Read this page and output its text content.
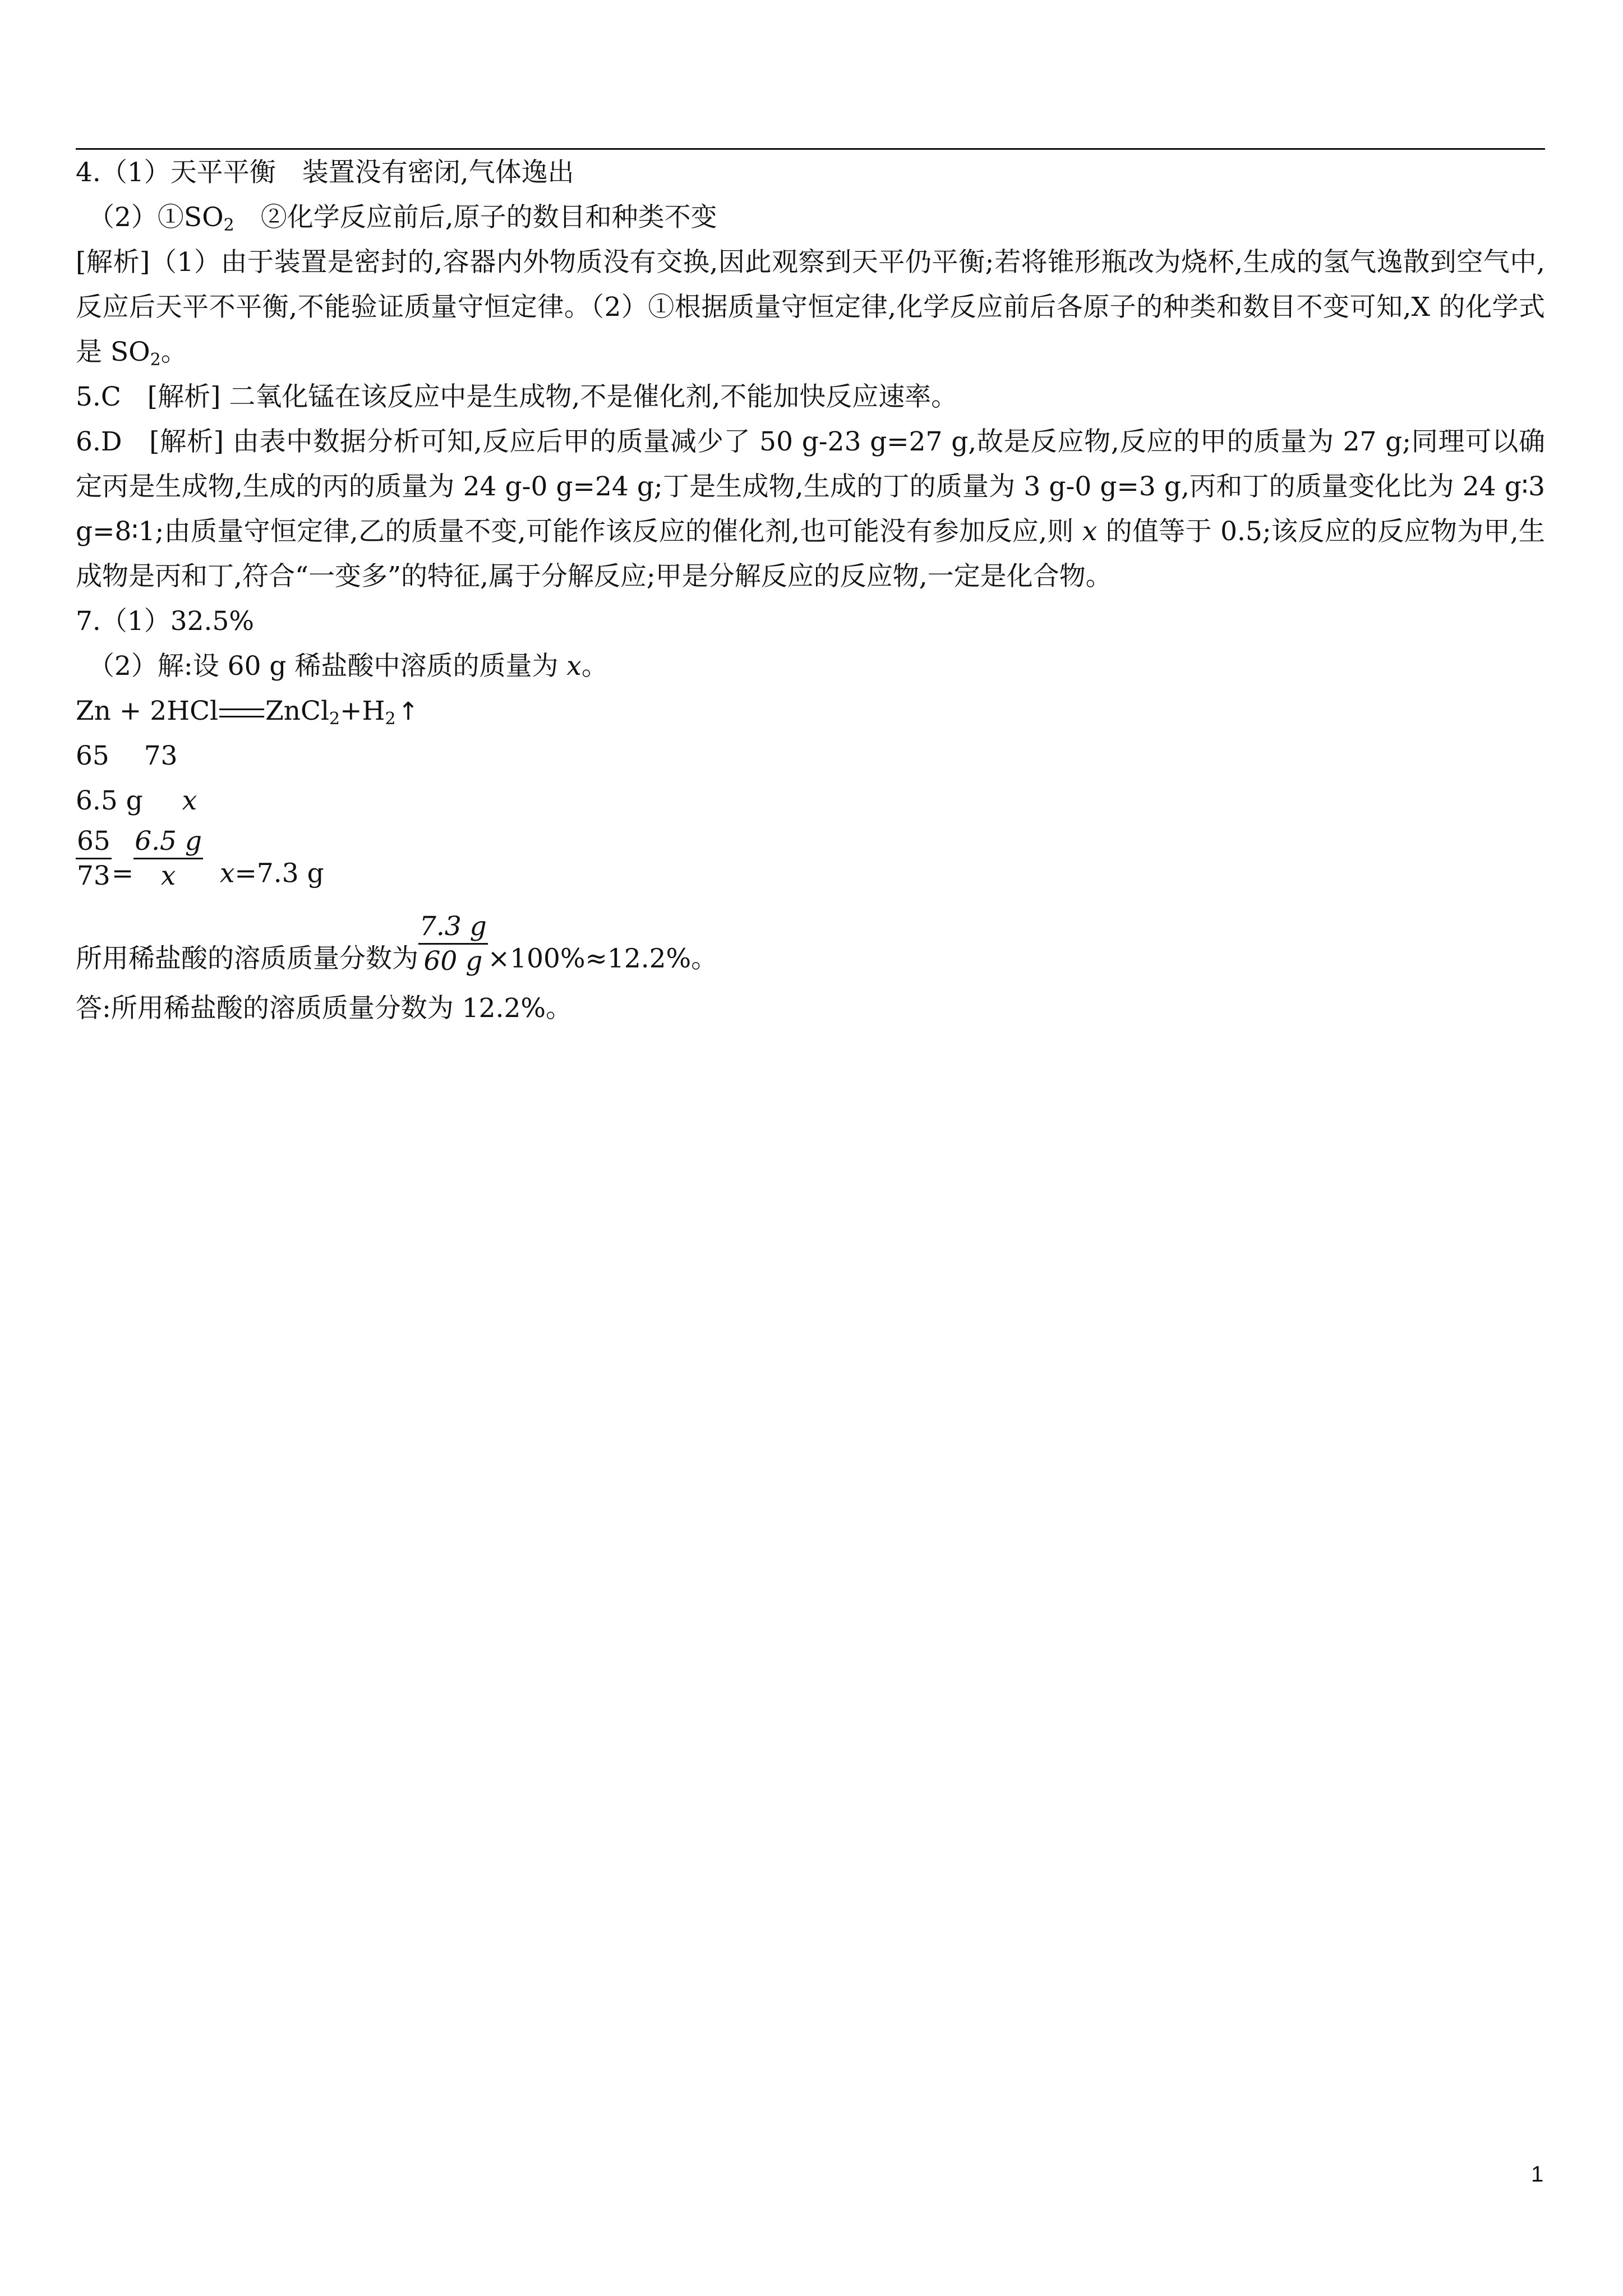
4.（1）天平平衡　装置没有密闭,气体逸出
$(2)①SO_2$　②化学反应前后,原子的数目和种类不变
[解析]（1）由于装置是密封的,容器内外物质没有交换,因此观察到天平仍平衡;若将锥形瓶改为烧杯,生成的氢气逸散到空气中,反应后天平不平衡,不能验证质量守恒定律。（2）①根据质量守恒定律,化学反应前后各原子的种类和数目不变可知,X 的化学式是 $SO_2$。
5.C　[解析] 二氧化锰在该反应中是生成物,不是催化剂,不能加快反应速率。
6.D　[解析] 由表中数据分析可知,反应后甲的质量减少了 50 g-23 g=27 g,故是反应物,反应的甲的质量为 27 g;同理可以确定丙是生成物,生成的丙的质量为 24 g-0 g=24 g;丁是生成物,生成的丁的质量为 3 g-0 g=3 g,丙和丁的质量变化比为 24 g∶3 g=8∶1;由质量守恒定律,乙的质量不变,可能作该反应的催化剂,也可能没有参加反应,则 x 的值等于 0.5;该反应的反应物为甲,生成物是丙和丁,符合“一变多”的特征,属于分解反应;甲是分解反应的反应物,一定是化合物。
7.（1）32.5%
（2）解:设 60 g 稀盐酸中溶质的质量为 x。
Zn + 2HCl $ZnCl_2+H_2↑$
65　 73
6.5 g x
$\frac{65}{73} = \frac{6.5 g}{x} x=7.3$ g
所用稀盐酸的溶质质量分数为 $\frac{7.3 g}{60 g} \times 100\%\approx 12.2\%$。
答:所用稀盐酸的溶质质量分数为 12.2%。
1
